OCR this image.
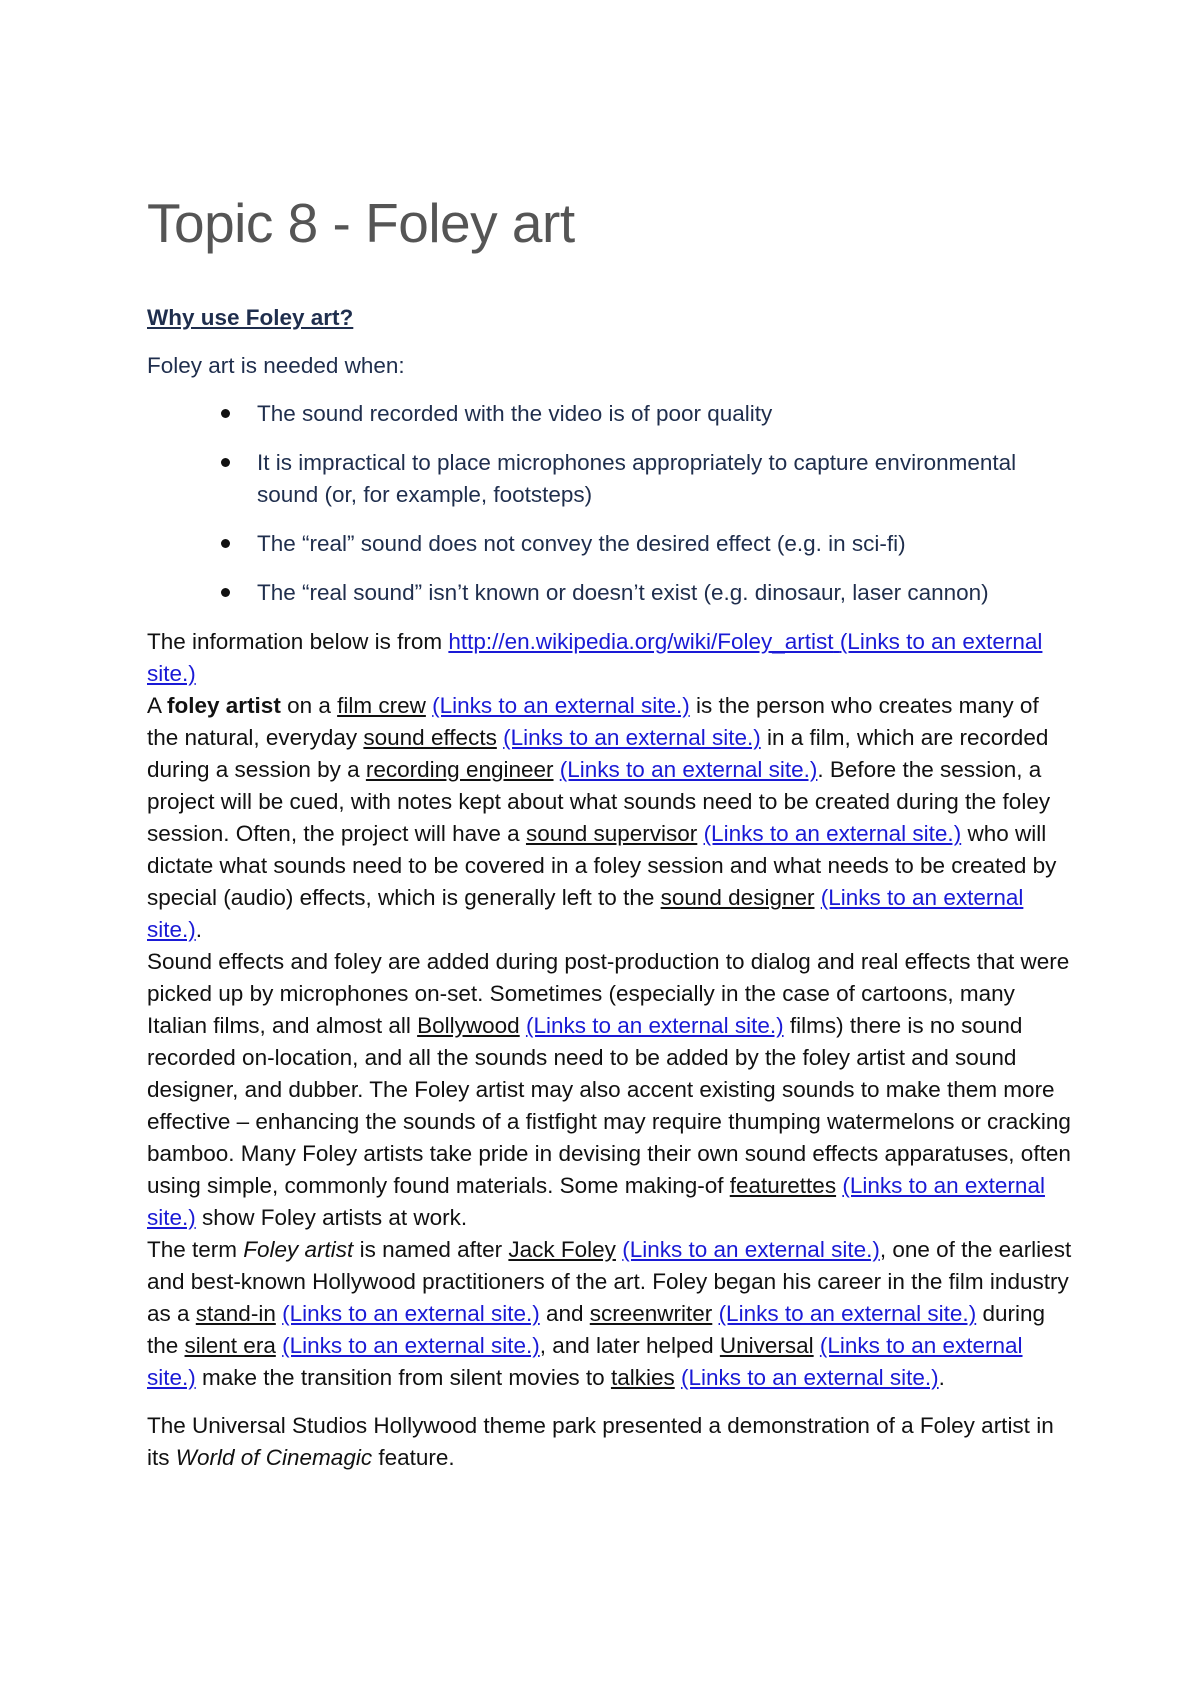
Topic 8 - Foley art

Why use Foley art?

Foley art is needed when:

The sound recorded with the video is of poor quality
It is impractical to place microphones appropriately to capture environmental sound (or, for example, footsteps)
The “real” sound does not convey the desired effect (e.g. in sci-fi)
The “real sound” isn’t known or doesn’t exist (e.g. dinosaur, laser cannon)

The information below is from http://en.wikipedia.org/wiki/Foley_artist (Links to an external site.)

A foley artist on a film crew (Links to an external site.) is the person who creates many of the natural, everyday sound effects (Links to an external site.) in a film, which are recorded during a session by a recording engineer (Links to an external site.). Before the session, a project will be cued, with notes kept about what sounds need to be created during the foley session. Often, the project will have a sound supervisor (Links to an external site.) who will dictate what sounds need to be covered in a foley session and what needs to be created by special (audio) effects, which is generally left to the sound designer (Links to an external site.).

Sound effects and foley are added during post-production to dialog and real effects that were picked up by microphones on-set. Sometimes (especially in the case of cartoons, many Italian films, and almost all Bollywood (Links to an external site.) films) there is no sound recorded on-location, and all the sounds need to be added by the foley artist and sound designer, and dubber. The Foley artist may also accent existing sounds to make them more effective – enhancing the sounds of a fistfight may require thumping watermelons or cracking bamboo. Many Foley artists take pride in devising their own sound effects apparatuses, often using simple, commonly found materials. Some making-of featurettes (Links to an external site.) show Foley artists at work.

The term Foley artist is named after Jack Foley (Links to an external site.), one of the earliest and best-known Hollywood practitioners of the art. Foley began his career in the film industry as a stand-in (Links to an external site.) and screenwriter (Links to an external site.) during the silent era (Links to an external site.), and later helped Universal (Links to an external site.) make the transition from silent movies to talkies (Links to an external site.).

The Universal Studios Hollywood theme park presented a demonstration of a Foley artist in its World of Cinemagic feature.
